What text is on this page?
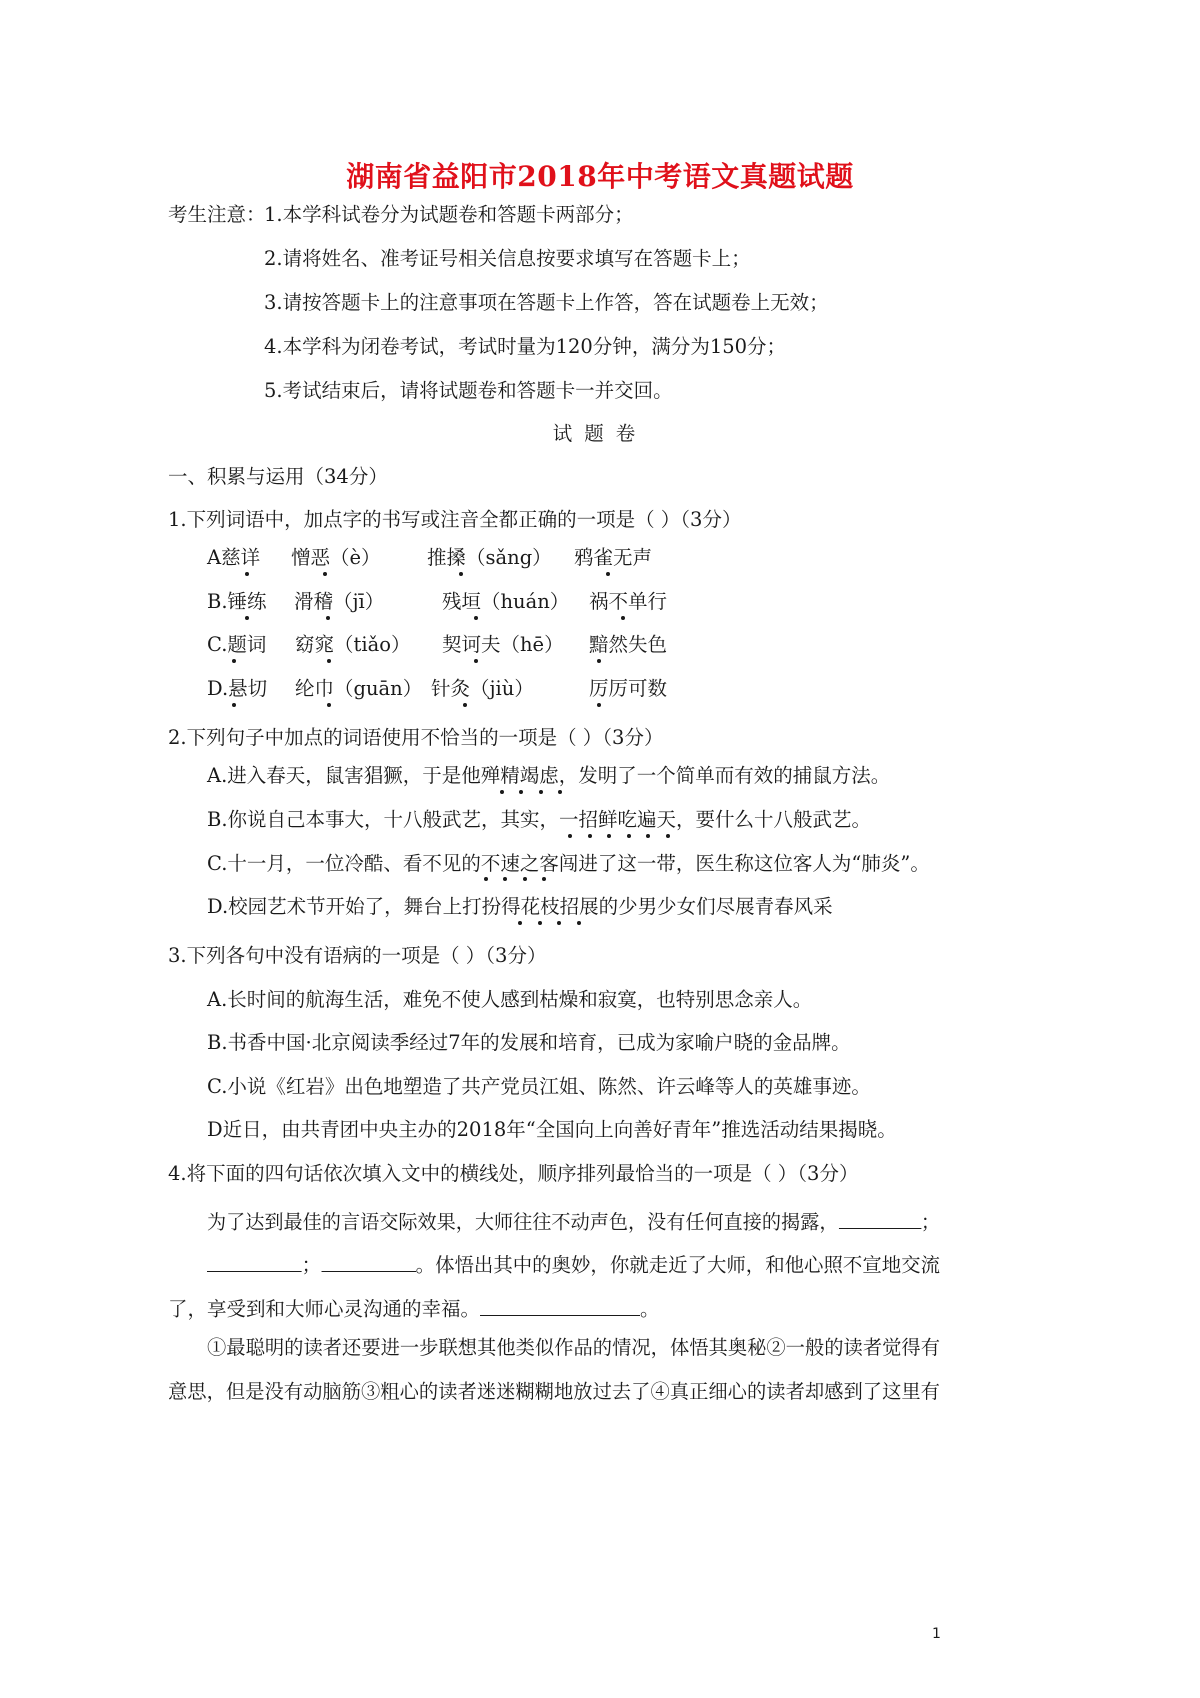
湖南省益阳市2018年中考语文真题试题
考生注意：
1.本学科试卷分为试题卷和答题卡两部分；
2.请将姓名、准考证号相关信息按要求填写在答题卡上；
3.请按答题卡上的注意事项在答题卡上作答，答在试题卷上无效；
4.本学科为闭卷考试，考试时量为120分钟，满分为150分；
5.考试结束后，请将试题卷和答题卡一并交回。
试题卷
一、积累与运用（34分）
1.下列词语中，加点字的书写或注音全都正确的一项是（ ）（3分）
A慈详 憎恶（è） 推搡（sǎng） 鸦雀无声
B.锤练 滑稽（jī）	残垣（huán） 祸不单行
C.题词 窈窕（tiǎo） 契诃夫（hē） 黯然失色
D.悬切 纶巾（guān） 针灸（jiù）	厉厉可数
2.下列句子中加点的词语使用不恰当的一项是（ ）（3分）
A.进入春天，鼠害猖獗，于是他殚精竭虑，发明了一个简单而有效的捕鼠方法。
B.你说自己本事大，十八般武艺，其实，一招鲜吃遍天，要什么十八般武艺。
C.十一月，一位冷酷、看不见的不速之客闯进了这一带，医生称这位客人为“肺炎”。
D.校园艺术节开始了，舞台上打扮得花枝招展的少男少女们尽展青春风采
3.下列各句中没有语病的一项是（ ）（3分）
A.长时间的航海生活，难免不使人感到枯燥和寂寞，也特别思念亲人。
B.书香中国·北京阅读季经过7年的发展和培育，已成为家喻户晓的金品牌。
C.小说《红岩》出色地塑造了共产党员江姐、陈然、许云峰等人的英雄事迹。
D近日，由共青团中央主办的2018年“全国向上向善好青年”推选活动结果揭晓。
4.将下面的四句话依次填入文中的横线处，顺序排列最恰当的一项是（ ）（3分）
为了达到最佳的言语交际效果，大师往往不动声色，没有任何直接的揭露，	；
；	。体悟出其中的奥妙，你就走近了大师，和他心照不宣地交流
了，享受到和大师心灵沟通的幸福。	。
①最聪明的读者还要进一步联想其他类似作品的情况，体悟其奥秘②一般的读者觉得有
意思，但是没有动脑筋③粗心的读者迷迷糊糊地放过去了④真正细心的读者却感到了这里有
1
